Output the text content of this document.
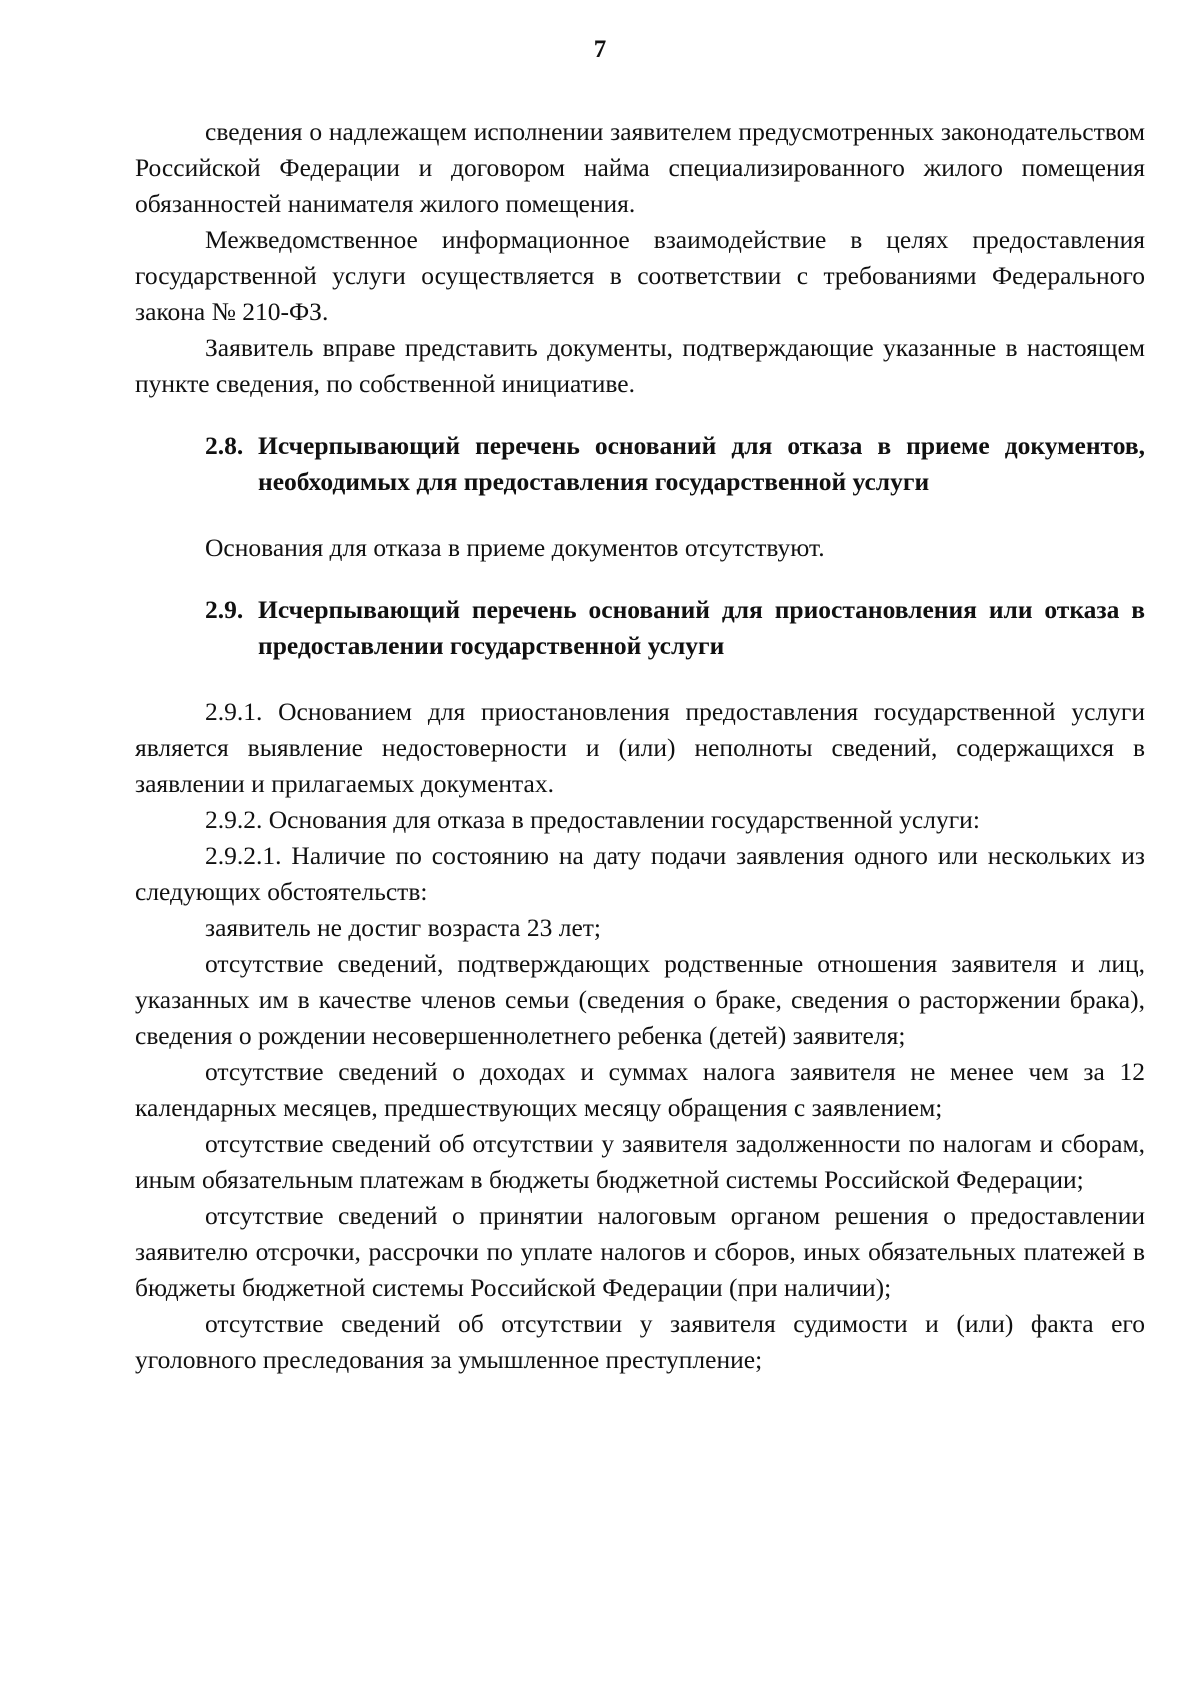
7

сведения о надлежащем исполнении заявителем предусмотренных законодательством Российской Федерации и договором найма специализированного жилого помещения обязанностей нанимателя жилого помещения.

Межведомственное информационное взаимодействие в целях предоставления государственной услуги осуществляется в соответствии с требованиями Федерального закона № 210-ФЗ.

Заявитель вправе представить документы, подтверждающие указанные в настоящем пункте сведения, по собственной инициативе.

2.8. Исчерпывающий перечень оснований для отказа в приеме документов, необходимых для предоставления государственной услуги

Основания для отказа в приеме документов отсутствуют.

2.9. Исчерпывающий перечень оснований для приостановления или отказа в предоставлении государственной услуги

2.9.1. Основанием для приостановления предоставления государственной услуги является выявление недостоверности и (или) неполноты сведений, содержащихся в заявлении и прилагаемых документах.

2.9.2. Основания для отказа в предоставлении государственной услуги:

2.9.2.1. Наличие по состоянию на дату подачи заявления одного или нескольких из следующих обстоятельств:

заявитель не достиг возраста 23 лет;

отсутствие сведений, подтверждающих родственные отношения заявителя и лиц, указанных им в качестве членов семьи (сведения о браке, сведения о расторжении брака), сведения о рождении несовершеннолетнего ребенка (детей) заявителя;

отсутствие сведений о доходах и суммах налога заявителя не менее чем за 12 календарных месяцев, предшествующих месяцу обращения с заявлением;

отсутствие сведений об отсутствии у заявителя задолженности по налогам и сборам, иным обязательным платежам в бюджеты бюджетной системы Российской Федерации;

отсутствие сведений о принятии налоговым органом решения о предоставлении заявителю отсрочки, рассрочки по уплате налогов и сборов, иных обязательных платежей в бюджеты бюджетной системы Российской Федерации (при наличии);

отсутствие сведений об отсутствии у заявителя судимости и (или) факта его уголовного преследования за умышленное преступление;
